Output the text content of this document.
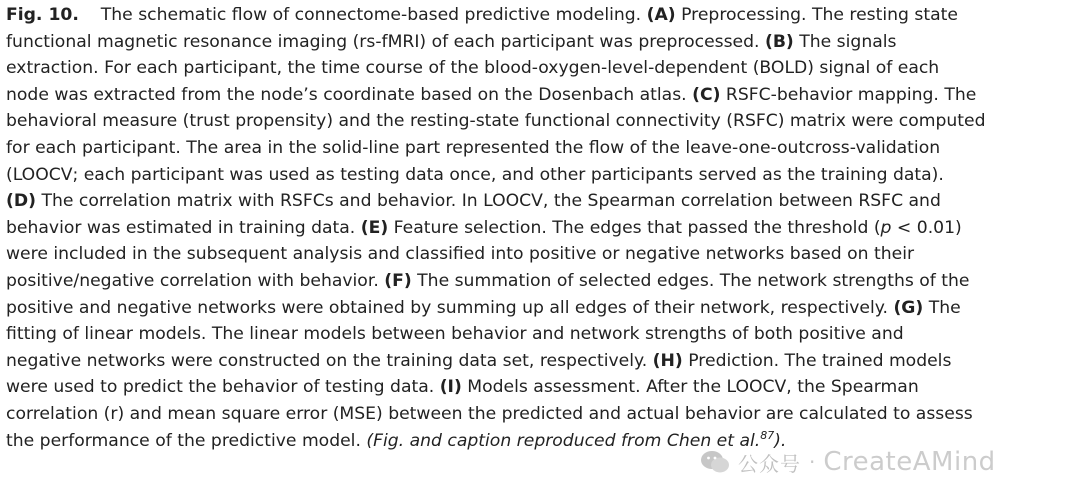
Fig. 10. The schematic flow of connectome-based predictive modeling. (A) Preprocessing. The resting state
functional magnetic resonance imaging (rs-fMRI) of each participant was preprocessed. (B) The signals
extraction. For each participant, the time course of the blood-oxygen-level-dependent (BOLD) signal of each
node was extracted from the node’s coordinate based on the Dosenbach atlas. (C) RSFC-behavior mapping. The
behavioral measure (trust propensity) and the resting-state functional connectivity (RSFC) matrix were computed
for each participant. The area in the solid-line part represented the flow of the leave-one-outcross-validation
(LOOCV; each participant was used as testing data once, and other participants served as the training data).
(D) The correlation matrix with RSFCs and behavior. In LOOCV, the Spearman correlation between RSFC and
behavior was estimated in training data. (E) Feature selection. The edges that passed the threshold (p < 0.01)
were included in the subsequent analysis and classified into positive or negative networks based on their
positive/negative correlation with behavior. (F) The summation of selected edges. The network strengths of the
positive and negative networks were obtained by summing up all edges of their network, respectively. (G) The
fitting of linear models. The linear models between behavior and network strengths of both positive and
negative networks were constructed on the training data set, respectively. (H) Prediction. The trained models
were used to predict the behavior of testing data. (I) Models assessment. After the LOOCV, the Spearman
correlation (r) and mean square error (MSE) between the predicted and actual behavior are calculated to assess
the performance of the predictive model. (Fig. and caption reproduced from Chen et al.$^{87}$).
公众号 · CreateAMind
